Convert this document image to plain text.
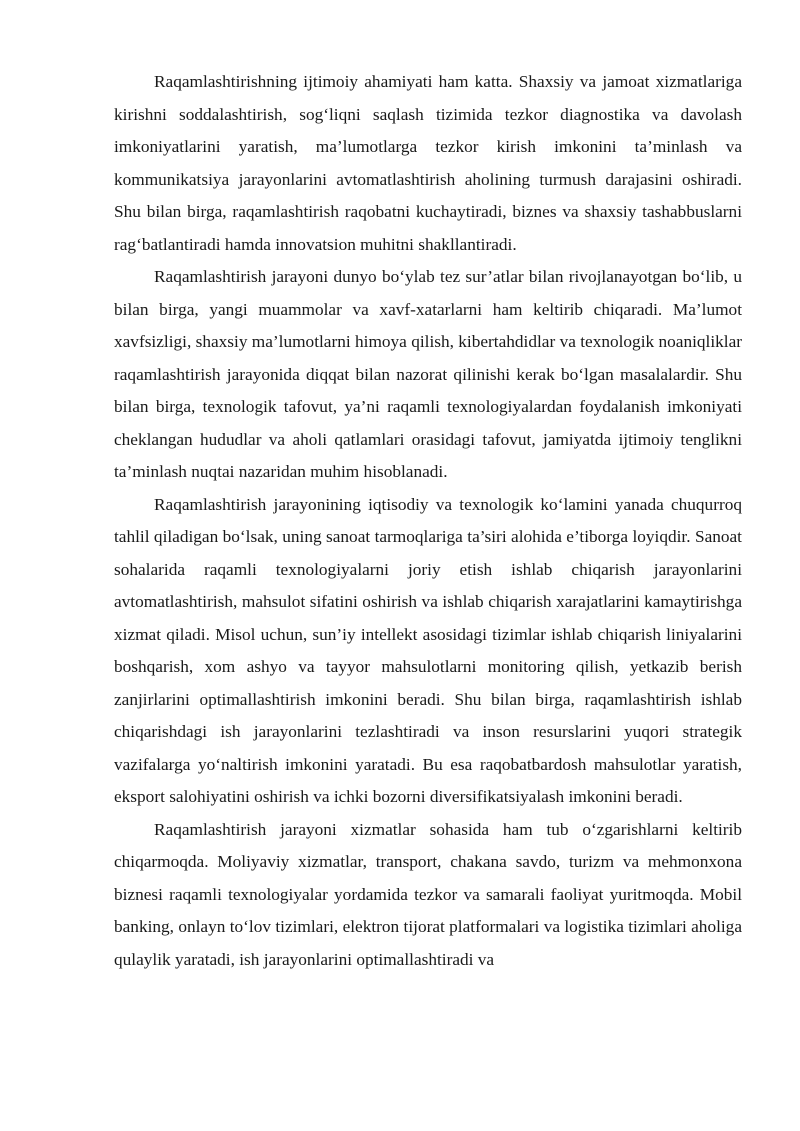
Raqamlashtirishning ijtimoiy ahamiyati ham katta. Shaxsiy va jamoat xizmatlariga kirishni soddalashtirish, sog‘liqni saqlash tizimida tezkor diagnostika va davolash imkoniyatlarini yaratish, ma’lumotlarga tezkor kirish imkonini ta’minlash va kommunikatsiya jarayonlarini avtomatlashtirish aholining turmush darajasini oshiradi. Shu bilan birga, raqamlashtirish raqobatni kuchaytiradi, biznes va shaxsiy tashabbuslarni rag‘batlantiradi hamda innovatsion muhitni shakllantiradi.

Raqamlashtirish jarayoni dunyo bo‘ylab tez sur’atlar bilan rivojlanayotgan bo‘lib, u bilan birga, yangi muammolar va xavf-xatarlarni ham keltirib chiqaradi. Ma’lumot xavfsizligi, shaxsiy ma’lumotlarni himoya qilish, kibertahdidlar va texnologik noaniqliklar raqamlashtirish jarayonida diqqat bilan nazorat qilinishi kerak bo‘lgan masalalardir. Shu bilan birga, texnologik tafovut, ya’ni raqamli texnologiyalardan foydalanish imkoniyati cheklangan hududlar va aholi qatlamlari orasidagi tafovut, jamiyatda ijtimoiy tenglikni ta’minlash nuqtai nazaridan muhim hisoblanadi.

Raqamlashtirish jarayonining iqtisodiy va texnologik ko‘lamini yanada chuqurroq tahlil qiladigan bo‘lsak, uning sanoat tarmoqlariga ta’siri alohida e’tiborga loyiqdir. Sanoat sohalarida raqamli texnologiyalarni joriy etish ishlab chiqarish jarayonlarini avtomatlashtirish, mahsulot sifatini oshirish va ishlab chiqarish xarajatlarini kamaytirishga xizmat qiladi. Misol uchun, sun’iy intellekt asosidagi tizimlar ishlab chiqarish liniyalarini boshqarish, xom ashyo va tayyor mahsulotlarni monitoring qilish, yetkazib berish zanjirlarini optimallashtirish imkonini beradi. Shu bilan birga, raqamlashtirish ishlab chiqarishdagi ish jarayonlarini tezlashtiradi va inson resurslarini yuqori strategik vazifalarga yo‘naltirish imkonini yaratadi. Bu esa raqobatbardosh mahsulotlar yaratish, eksport salohiyatini oshirish va ichki bozorni diversifikatsiyalash imkonini beradi.

Raqamlashtirish jarayoni xizmatlar sohasida ham tub o‘zgarishlarni keltirib chiqarmoqda. Moliyaviy xizmatlar, transport, chakana savdo, turizm va mehmonxona biznesi raqamli texnologiyalar yordamida tezkor va samarali faoliyat yuritmoqda. Mobil banking, onlayn to‘lov tizimlari, elektron tijorat platformalari va logistika tizimlari aholiga qulaylik yaratadi, ish jarayonlarini optimallashtiradi va
